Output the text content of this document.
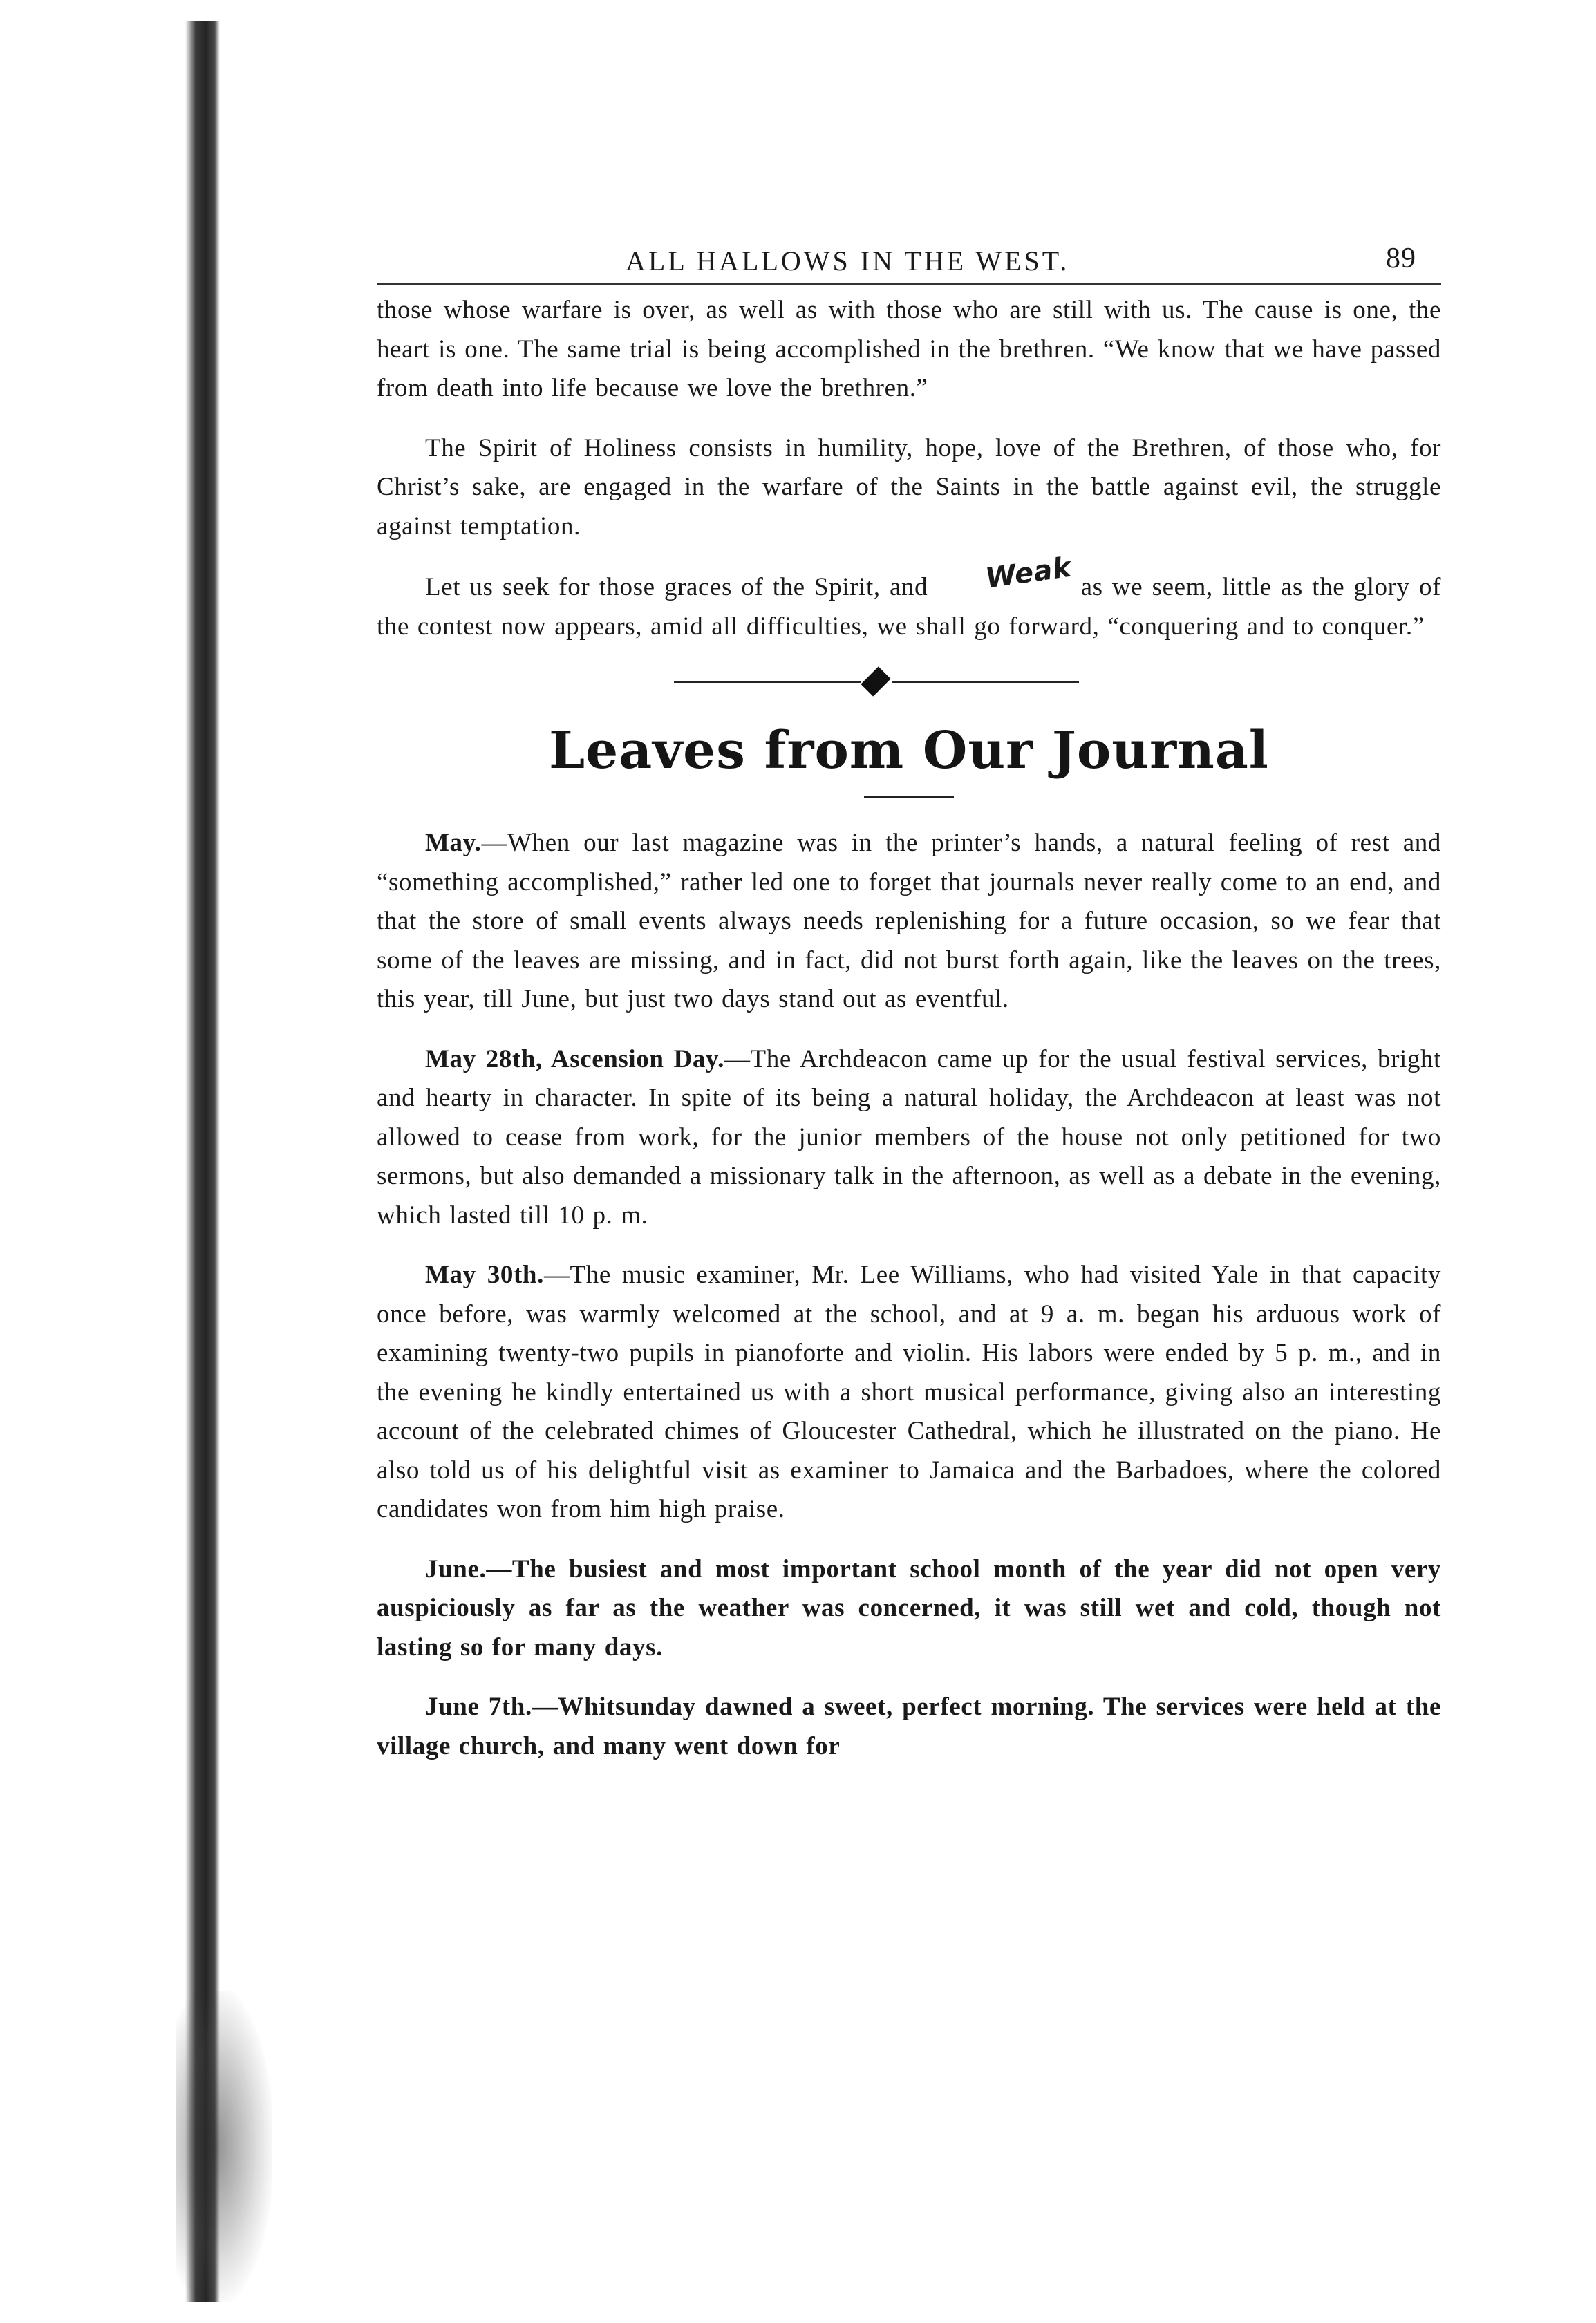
ALL HALLOWS IN THE WEST.	89

those whose warfare is over, as well as with those who are still with us. The cause is one, the heart is one. The same trial is being accomplished in the brethren. “We know that we have passed from death into life because we love the brethren.”

The Spirit of Holiness consists in humility, hope, love of the Brethren, of those who, for Christ’s sake, are engaged in the warfare of the Saints in the battle against evil, the struggle against temptation.

Let us seek for those graces of the Spirit, and Weak as we seem, little as the glory of the contest now appears, amid all difficulties, we shall go forward, “conquering and to conquer.”

Leaves from Our Journal

May.—When our last magazine was in the printer’s hands, a natural feeling of rest and “something accomplished,” rather led one to forget that journals never really come to an end, and that the store of small events always needs replenishing for a future occasion, so we fear that some of the leaves are missing, and in fact, did not burst forth again, like the leaves on the trees, this year, till June, but just two days stand out as eventful.

May 28th, Ascension Day.—The Archdeacon came up for the usual festival services, bright and hearty in character. In spite of its being a natural holiday, the Archdeacon at least was not allowed to cease from work, for the junior members of the house not only petitioned for two sermons, but also demanded a missionary talk in the afternoon, as well as a debate in the evening, which lasted till 10 p. m.

May 30th.—The music examiner, Mr. Lee Williams, who had visited Yale in that capacity once before, was warmly welcomed at the school, and at 9 a. m. began his arduous work of examining twenty-two pupils in pianoforte and violin. His labors were ended by 5 p. m., and in the evening he kindly entertained us with a short musical performance, giving also an interesting account of the celebrated chimes of Gloucester Cathedral, which he illustrated on the piano. He also told us of his delightful visit as examiner to Jamaica and the Barbadoes, where the colored candidates won from him high praise.

June.—The busiest and most important school month of the year did not open very auspiciously as far as the weather was concerned, it was still wet and cold, though not lasting so for many days.

June 7th.—Whitsunday dawned a sweet, perfect morning. The services were held at the village church, and many went down for
